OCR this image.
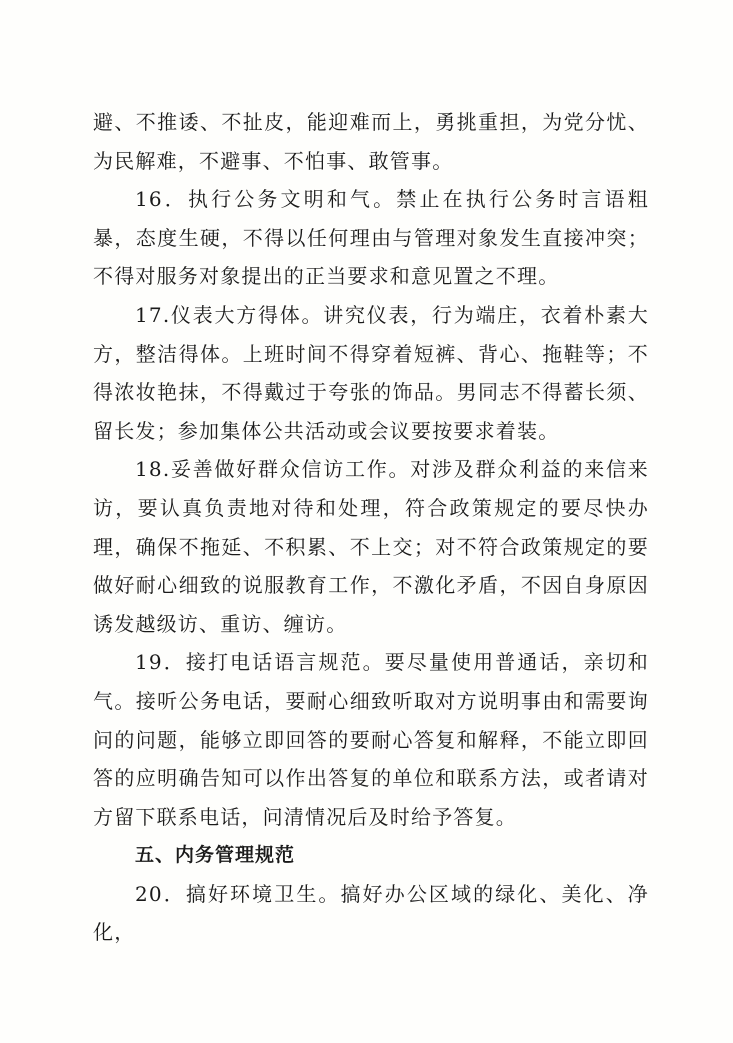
避、不推诿、不扯皮，能迎难而上，勇挑重担，为党分忧、为民解难，不避事、不怕事、敢管事。

16．执行公务文明和气。禁止在执行公务时言语粗暴，态度生硬，不得以任何理由与管理对象发生直接冲突；不得对服务对象提出的正当要求和意见置之不理。

17.仪表大方得体。讲究仪表，行为端庄，衣着朴素大方，整洁得体。上班时间不得穿着短裤、背心、拖鞋等；不得浓妆艳抹，不得戴过于夸张的饰品。男同志不得蓄长须、留长发；参加集体公共活动或会议要按要求着装。

18.妥善做好群众信访工作。对涉及群众利益的来信来访，要认真负责地对待和处理，符合政策规定的要尽快办理，确保不拖延、不积累、不上交；对不符合政策规定的要做好耐心细致的说服教育工作，不激化矛盾，不因自身原因诱发越级访、重访、缠访。

19．接打电话语言规范。要尽量使用普通话，亲切和气。接听公务电话，要耐心细致听取对方说明事由和需要询问的问题，能够立即回答的要耐心答复和解释，不能立即回答的应明确告知可以作出答复的单位和联系方法，或者请对方留下联系电话，问清情况后及时给予答复。

五、内务管理规范

20．搞好环境卫生。搞好办公区域的绿化、美化、净化，
